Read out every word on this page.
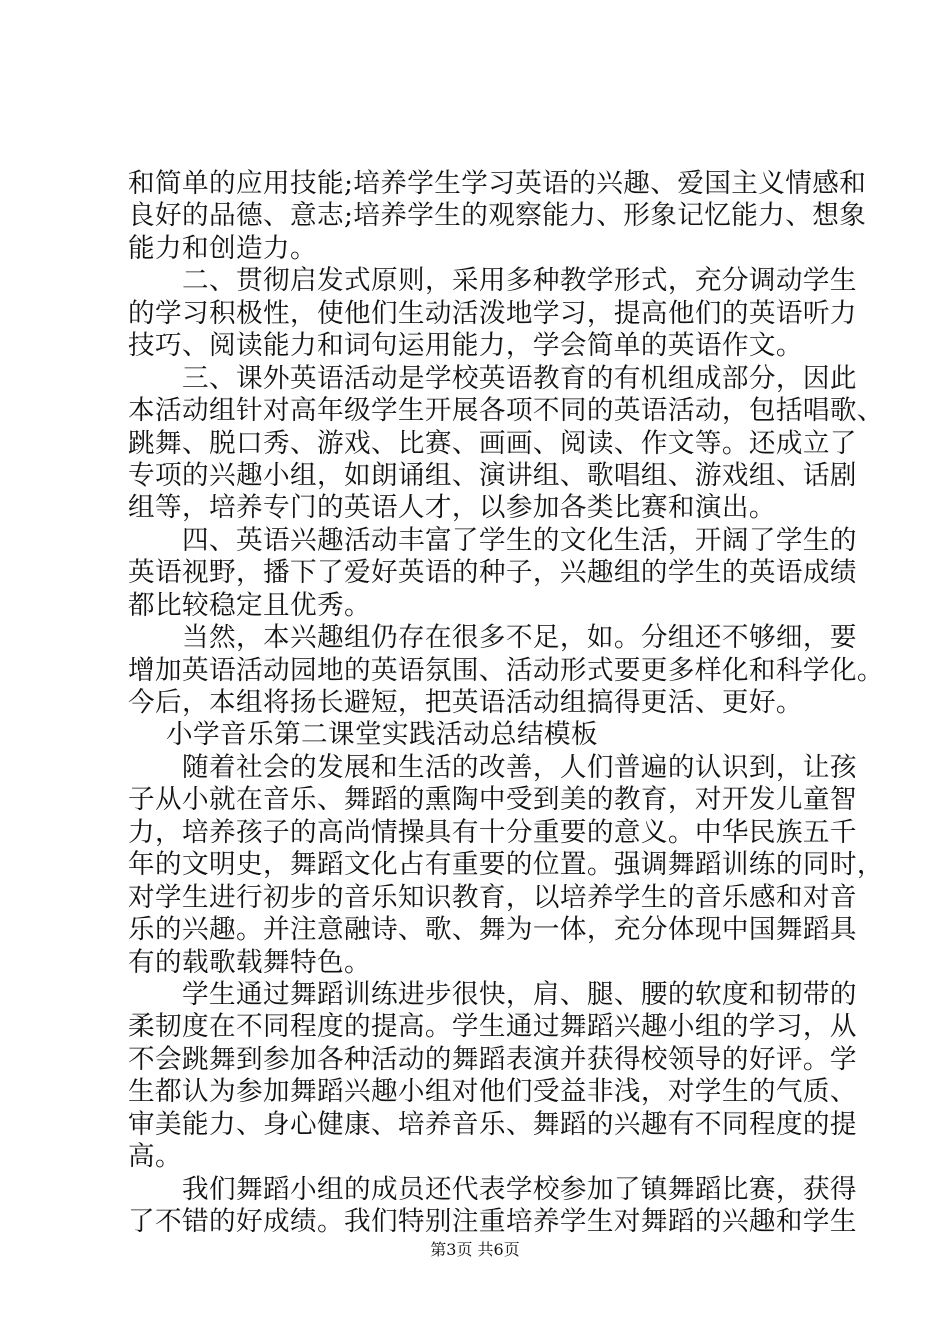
和简单的应用技能;培养学生学习英语的兴趣、爱国主义情感和
良好的品德、意志;培养学生的观察能力、形象记忆能力、想象
能力和创造力。
二、贯彻启发式原则，采用多种教学形式，充分调动学生
的学习积极性，使他们生动活泼地学习，提高他们的英语听力
技巧、阅读能力和词句运用能力，学会简单的英语作文。
三、课外英语活动是学校英语教育的有机组成部分，因此
本活动组针对高年级学生开展各项不同的英语活动，包括唱歌、
跳舞、脱口秀、游戏、比赛、画画、阅读、作文等。还成立了
专项的兴趣小组，如朗诵组、演讲组、歌唱组、游戏组、话剧
组等，培养专门的英语人才，以参加各类比赛和演出。
四、英语兴趣活动丰富了学生的文化生活，开阔了学生的
英语视野，播下了爱好英语的种子，兴趣组的学生的英语成绩
都比较稳定且优秀。
当然，本兴趣组仍存在很多不足，如。分组还不够细，要
增加英语活动园地的英语氛围、活动形式要更多样化和科学化。
今后，本组将扬长避短，把英语活动组搞得更活、更好。
小学音乐第二课堂实践活动总结模板
随着社会的发展和生活的改善，人们普遍的认识到，让孩
子从小就在音乐、舞蹈的熏陶中受到美的教育，对开发儿童智
力，培养孩子的高尚情操具有十分重要的意义。中华民族五千
年的文明史，舞蹈文化占有重要的位置。强调舞蹈训练的同时，
对学生进行初步的音乐知识教育，以培养学生的音乐感和对音
乐的兴趣。并注意融诗、歌、舞为一体，充分体现中国舞蹈具
有的载歌载舞特色。
学生通过舞蹈训练进步很快，肩、腿、腰的软度和韧带的
柔韧度在不同程度的提高。学生通过舞蹈兴趣小组的学习，从
不会跳舞到参加各种活动的舞蹈表演并获得校领导的好评。学
生都认为参加舞蹈兴趣小组对他们受益非浅，对学生的气质、
审美能力、身心健康、培养音乐、舞蹈的兴趣有不同程度的提
高。
我们舞蹈小组的成员还代表学校参加了镇舞蹈比赛，获得
了不错的好成绩。我们特别注重培养学生对舞蹈的兴趣和学生
第3页 共6页
